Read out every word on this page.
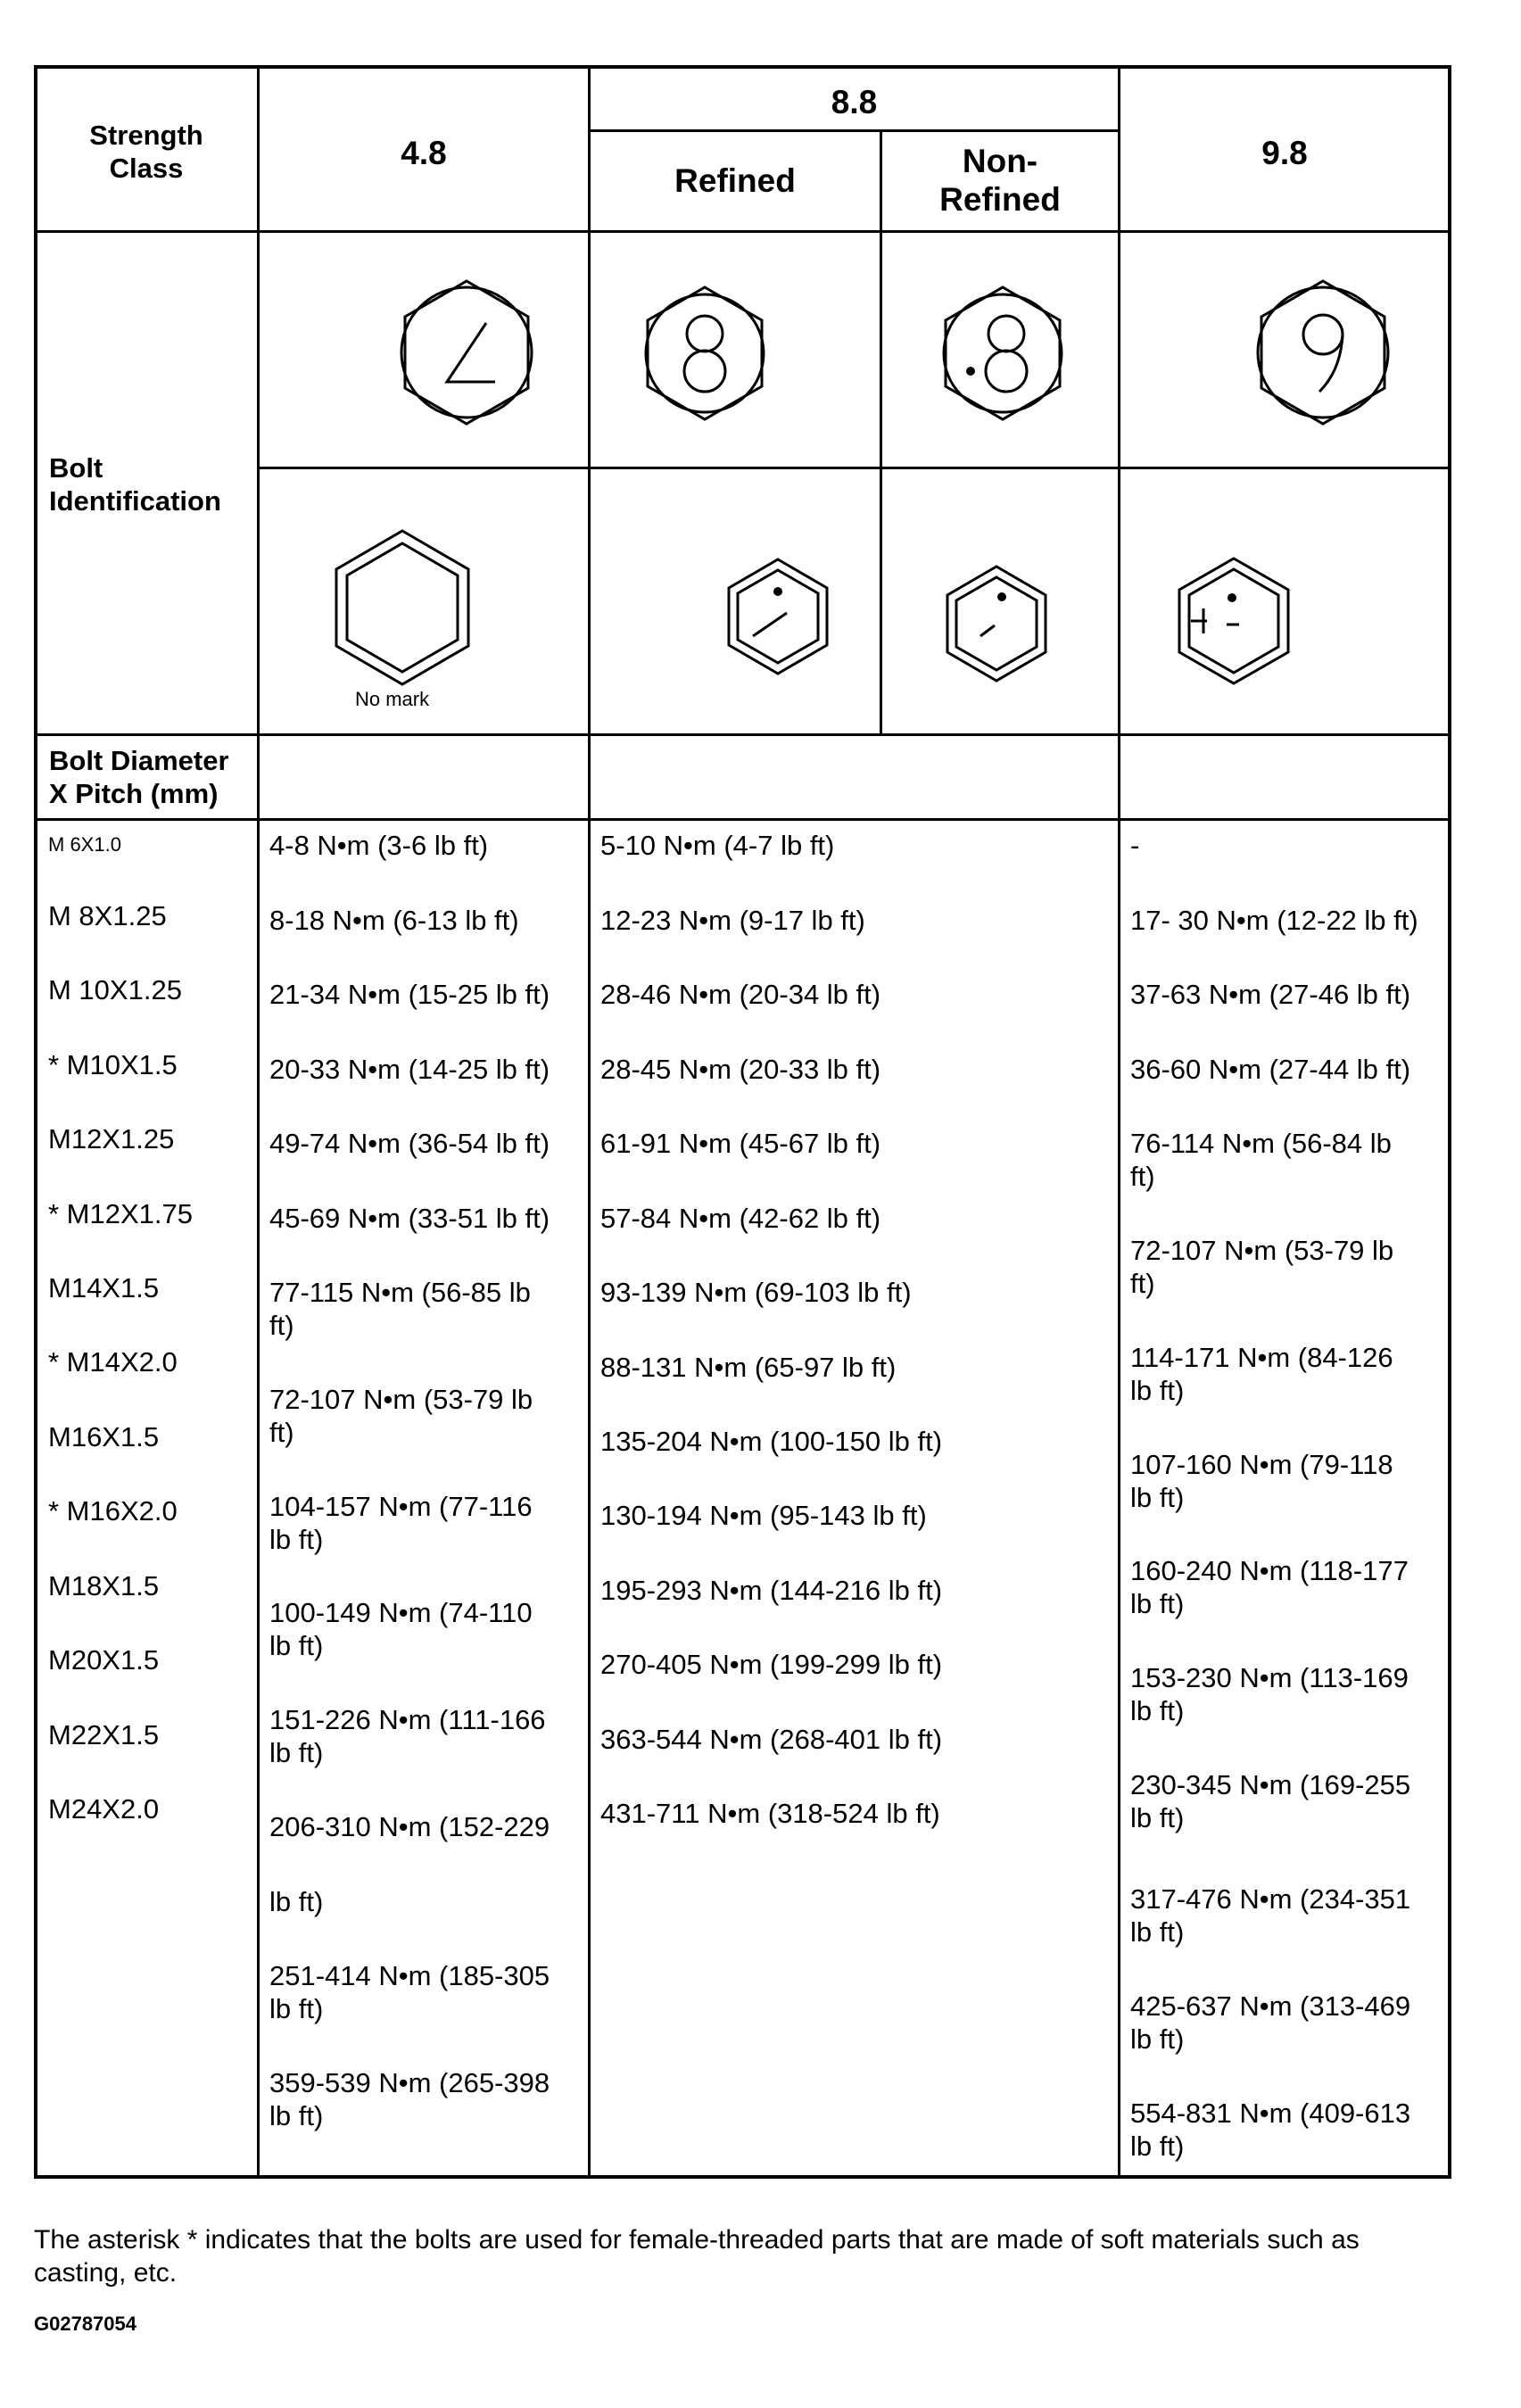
Strength
Class	4.8
8.8
Refined
Non-
Refined
9.8
Bolt
Identification
Bolt Diameter
X Pitch (mm)
No mark
M 6X1.0
M 8X1.25
M 10X1.25
* M10X1.5
M12X1.25
* M12X1.75
M14X1.5
* M14X2.0
M16X1.5
* M16X2.0
M18X1.5
M20X1.5
M22X1.5
M24X2.0
4-8 N•m (3-6 lb ft)
8-18 N•m (6-13 lb ft)
21-34 N•m (15-25 lb ft)
20-33 N•m (14-25 lb ft)
49-74 N•m (36-54 lb ft)
45-69 N•m (33-51 lb ft)
77-115 N•m (56-85 lb
ft)
72-107 N•m (53-79 lb
ft)
104-157 N•m (77-116
lb ft)
100-149 N•m (74-110
lb ft)
151-226 N•m (111-166
lb ft)
206-310 N•m (152-229
lb ft)
251-414 N•m (185-305
lb ft)
359-539 N•m (265-398
lb ft)
5-10 N•m (4-7 lb ft)
12-23 N•m (9-17 lb ft)
28-46 N•m (20-34 lb ft)
28-45 N•m (20-33 lb ft)
61-91 N•m (45-67 lb ft)
57-84 N•m (42-62 lb ft)
93-139 N•m (69-103 lb ft)
88-131 N•m (65-97 lb ft)
135-204 N•m (100-150 lb ft)
130-194 N•m (95-143 lb ft)
195-293 N•m (144-216 lb ft)
270-405 N•m (199-299 lb ft)
363-544 N•m (268-401 lb ft)
431-711 N•m (318-524 lb ft)
-
17- 30 N•m (12-22 lb ft)
37-63 N•m (27-46 lb ft)
36-60 N•m (27-44 lb ft)
76-114 N•m (56-84 lb
ft)
72-107 N•m (53-79 lb
ft)
114-171 N•m (84-126
lb ft)
107-160 N•m (79-118
lb ft)
160-240 N•m (118-177
lb ft)
153-230 N•m (113-169
lb ft)
230-345 N•m (169-255
lb ft)
317-476 N•m (234-351
lb ft)
425-637 N•m (313-469
lb ft)
554-831 N•m (409-613
lb ft)
The asterisk * indicates that the bolts are used for female-threaded parts that are made of soft materials such as
casting, etc.
G02787054
